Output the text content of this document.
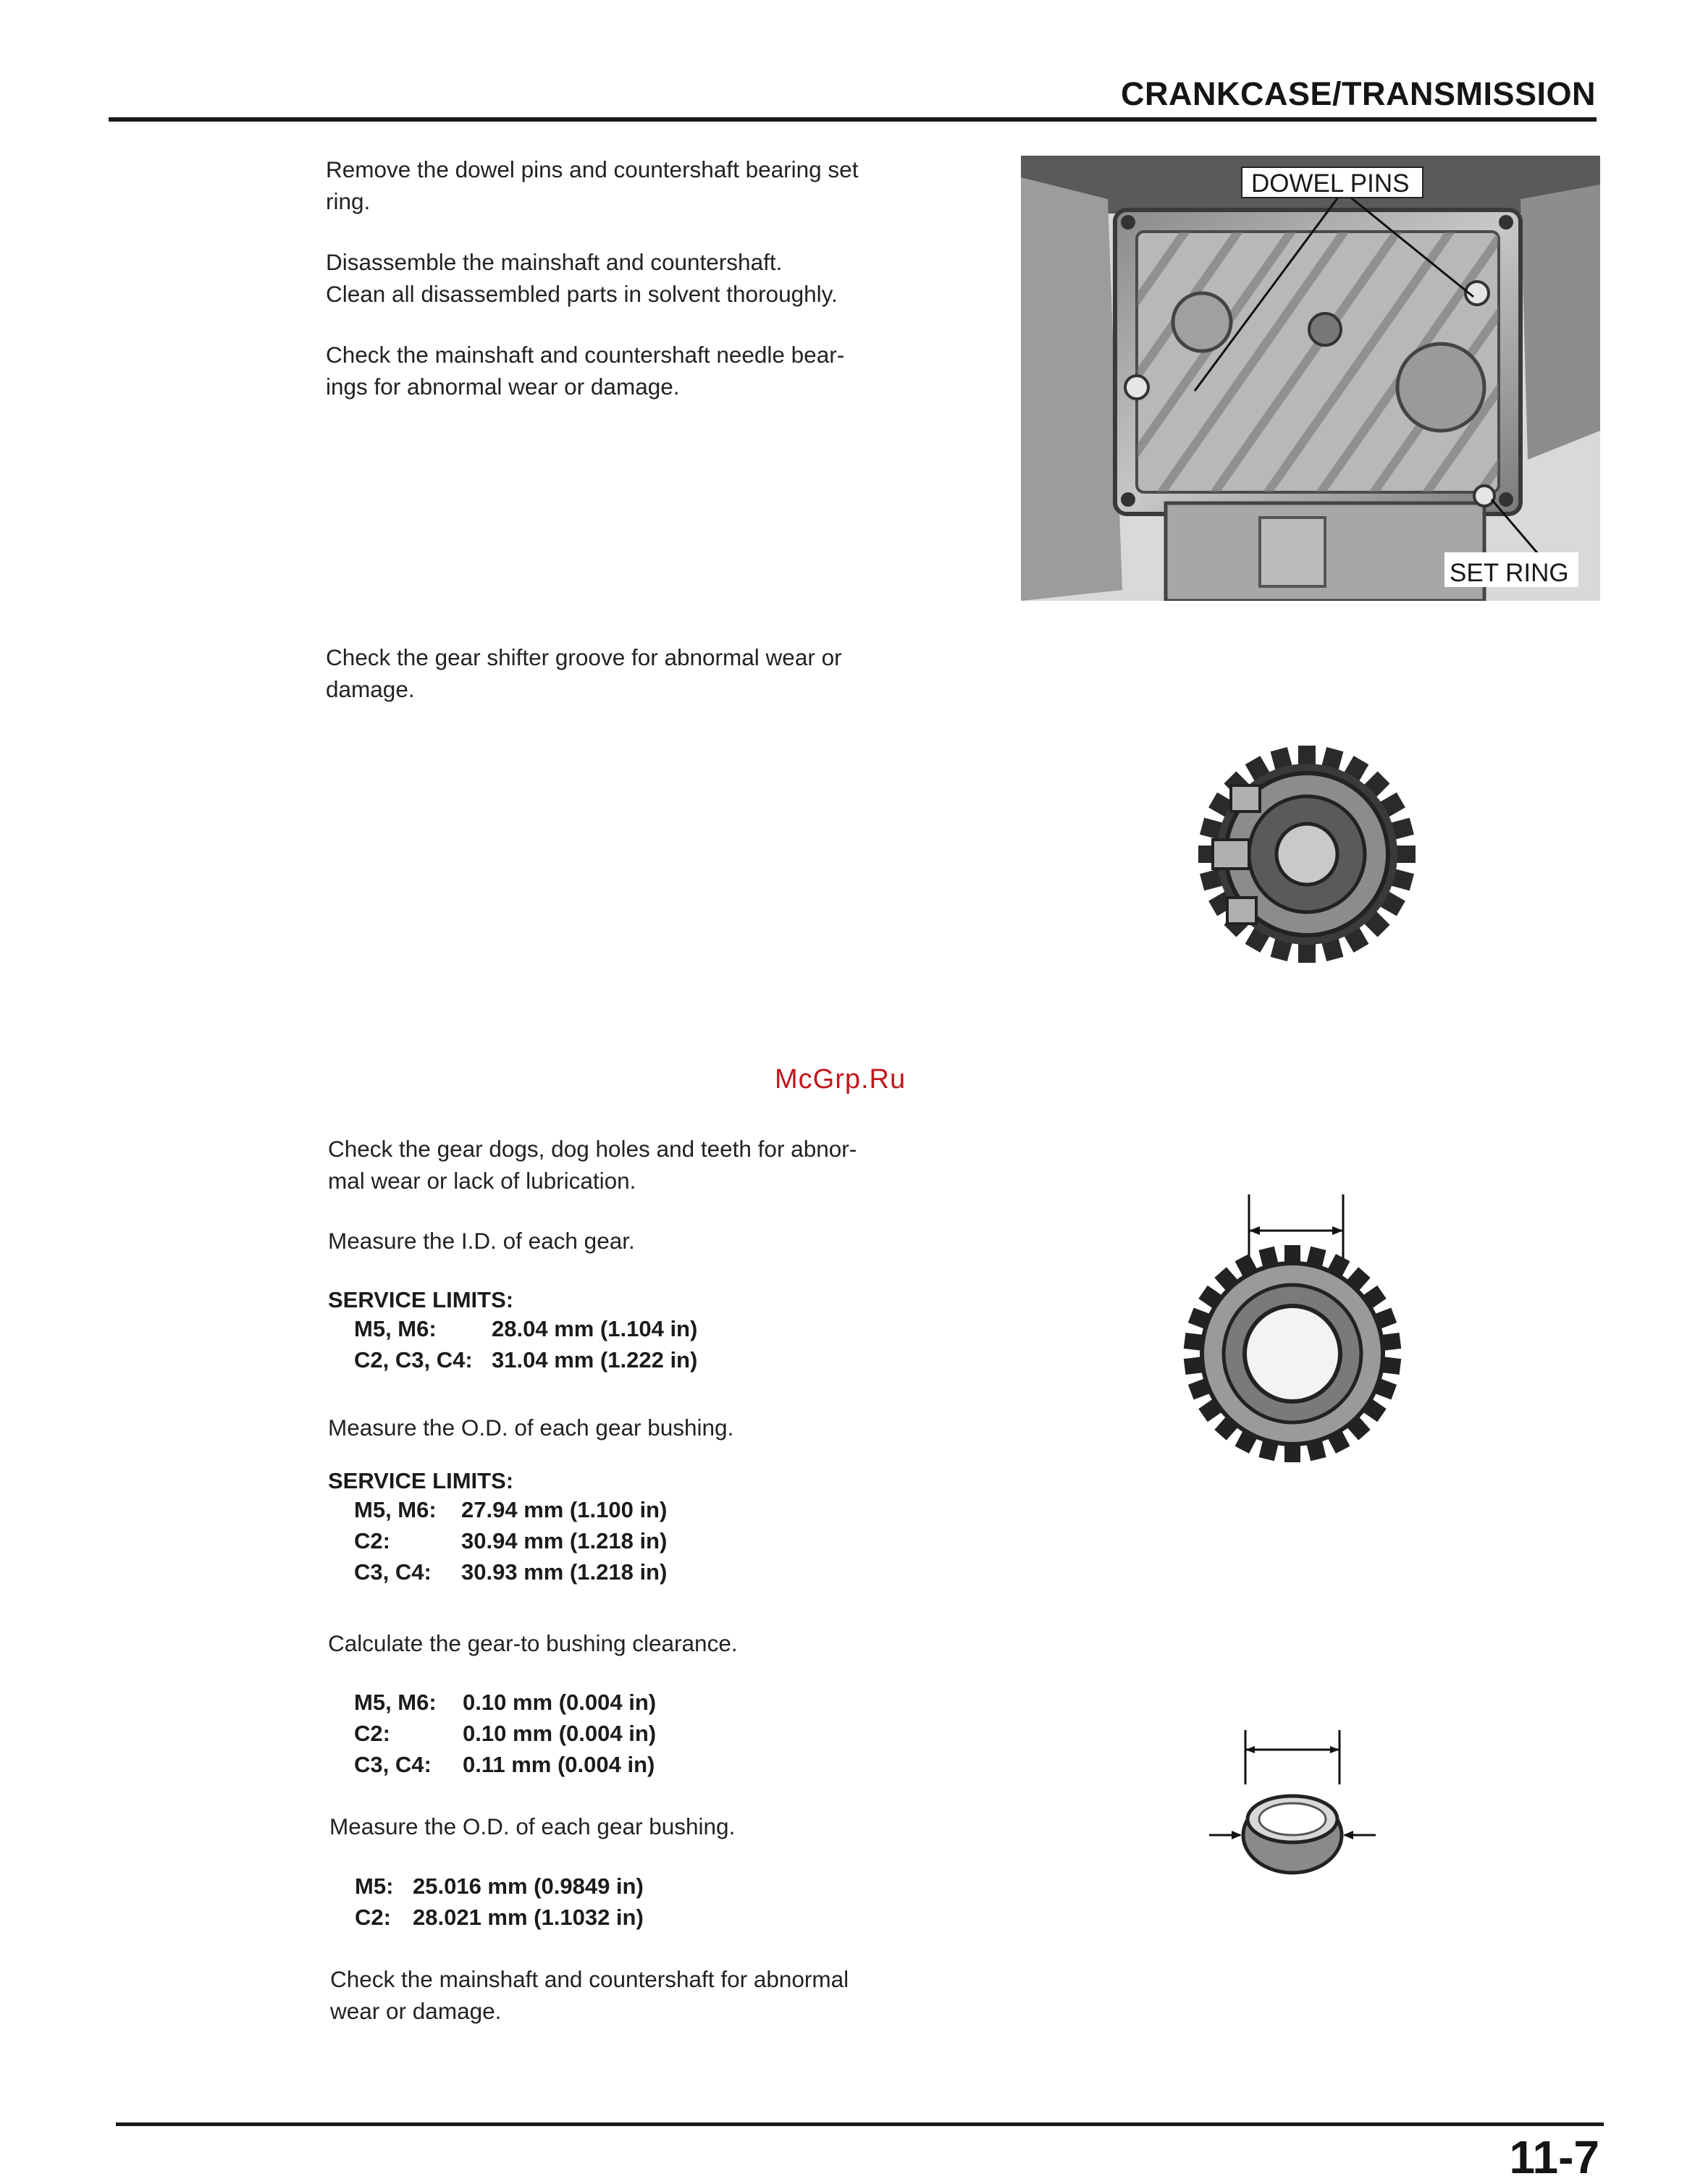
CRANKCASE/TRANSMISSION
Remove the dowel pins and countershaft bearing set
ring.
Disassemble the mainshaft and countershaft.
Clean all disassembled parts in solvent thoroughly.
Check the mainshaft and countershaft needle bear-
ings for abnormal wear or damage.
Check the gear shifter groove for abnormal wear or
damage.
McGrp.Ru
Check the gear dogs, dog holes and teeth for abnor-
mal wear or lack of lubrication.
Measure the I.D. of each gear.
SERVICE LIMITS:
M5, M6: 28.04 mm (1.104 in)
C2, C3, C4: 31.04 mm (1.222 in)
Measure the O.D. of each gear bushing.
SERVICE LIMITS:
M5, M6: 27.94 mm (1.100 in)
C2:	30.94 mm (1.218 in)
C3, C4: 30.93 mm (1.218 in)
Calculate the gear-to bushing clearance.
M5, M6: 0.10 mm (0.004 in)
C2:	0.10 mm (0.004 in)
C3, C4: 0.11 mm (0.004 in)
Measure the O.D. of each gear bushing.
M5: 25.016 mm (0.9849 in)
C2: 28.021 mm (1.1032 in)
Check the mainshaft and countershaft for abnormal
wear or damage.
11-7
DOWEL PINS
SET RING
